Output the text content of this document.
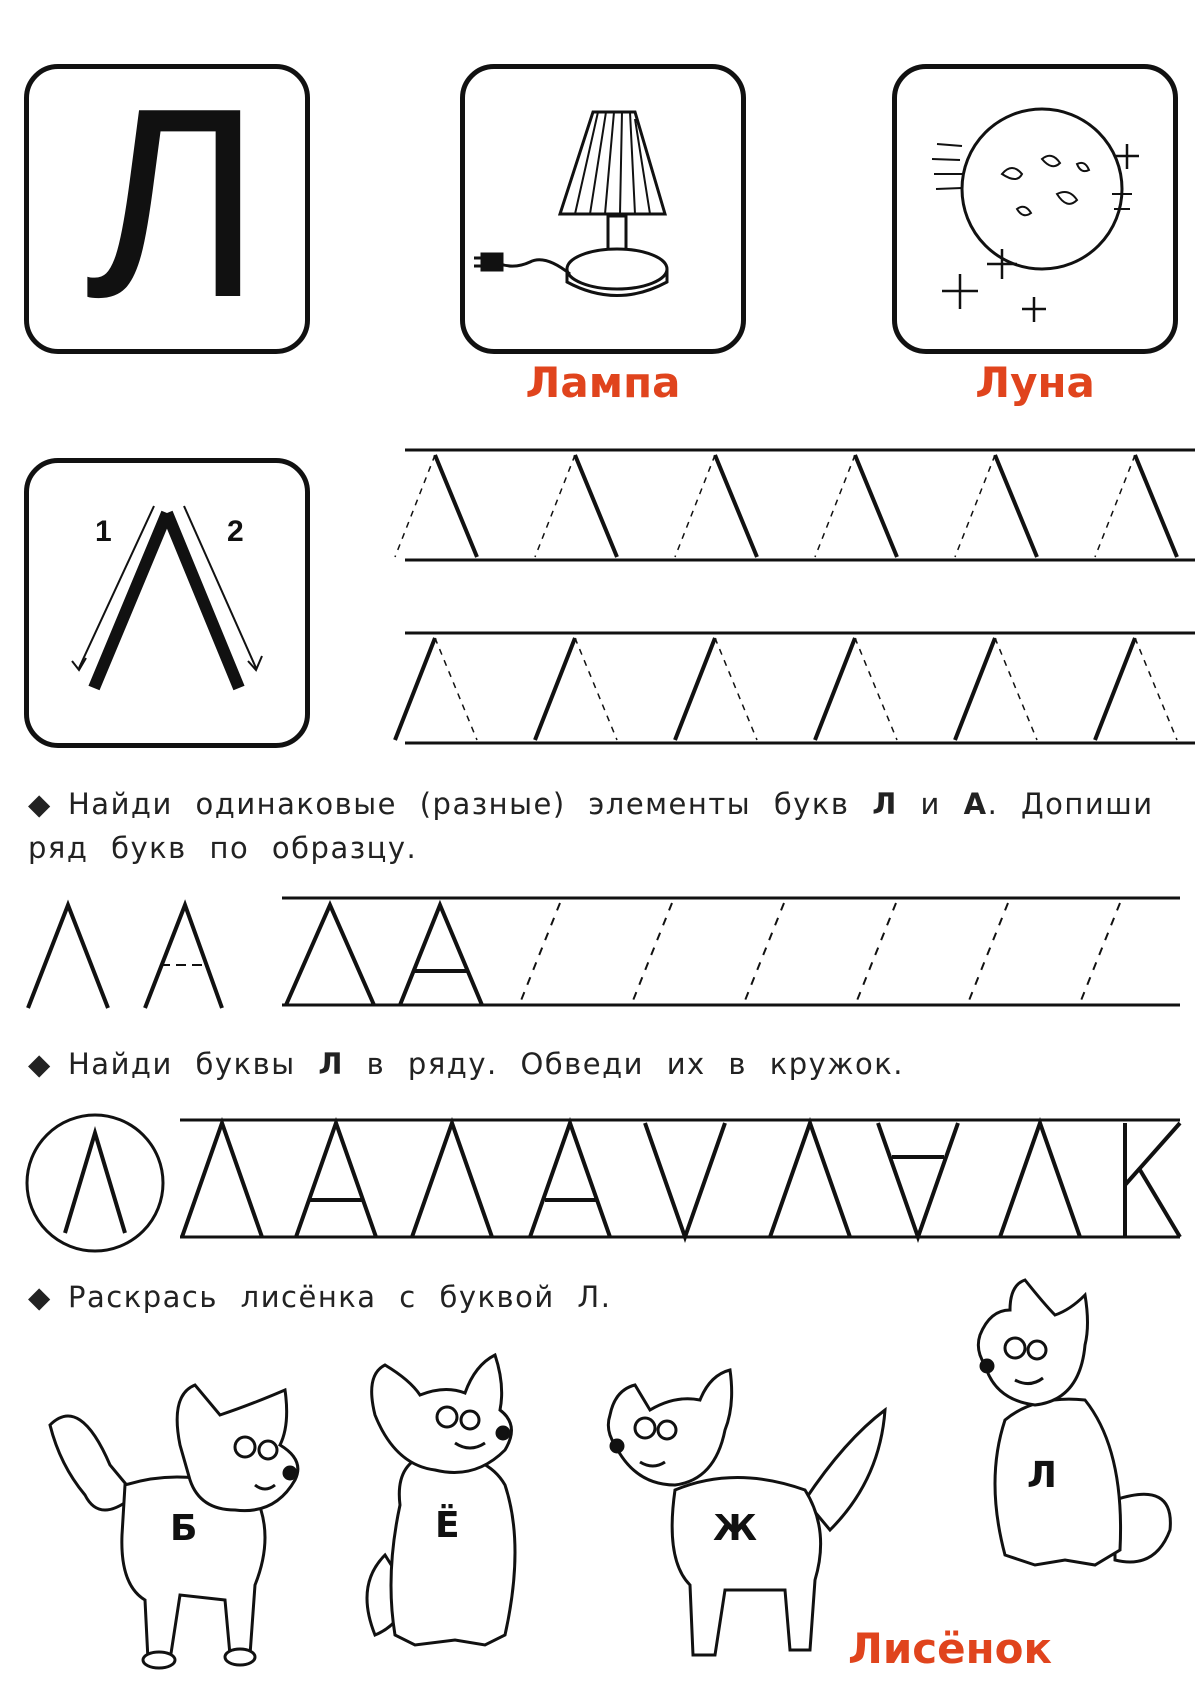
Л
Лампа	Луна
1	2
◆ Найди одинаковые (разные) элементы букв Л и А. Допиши ряд букв по образцу.
◆ Найди буквы Л в ряду. Обведи их в кружок.
◆ Раскрась лисёнка с буквой Л.
Б	Ё	Ж
Л
Лисёнок
